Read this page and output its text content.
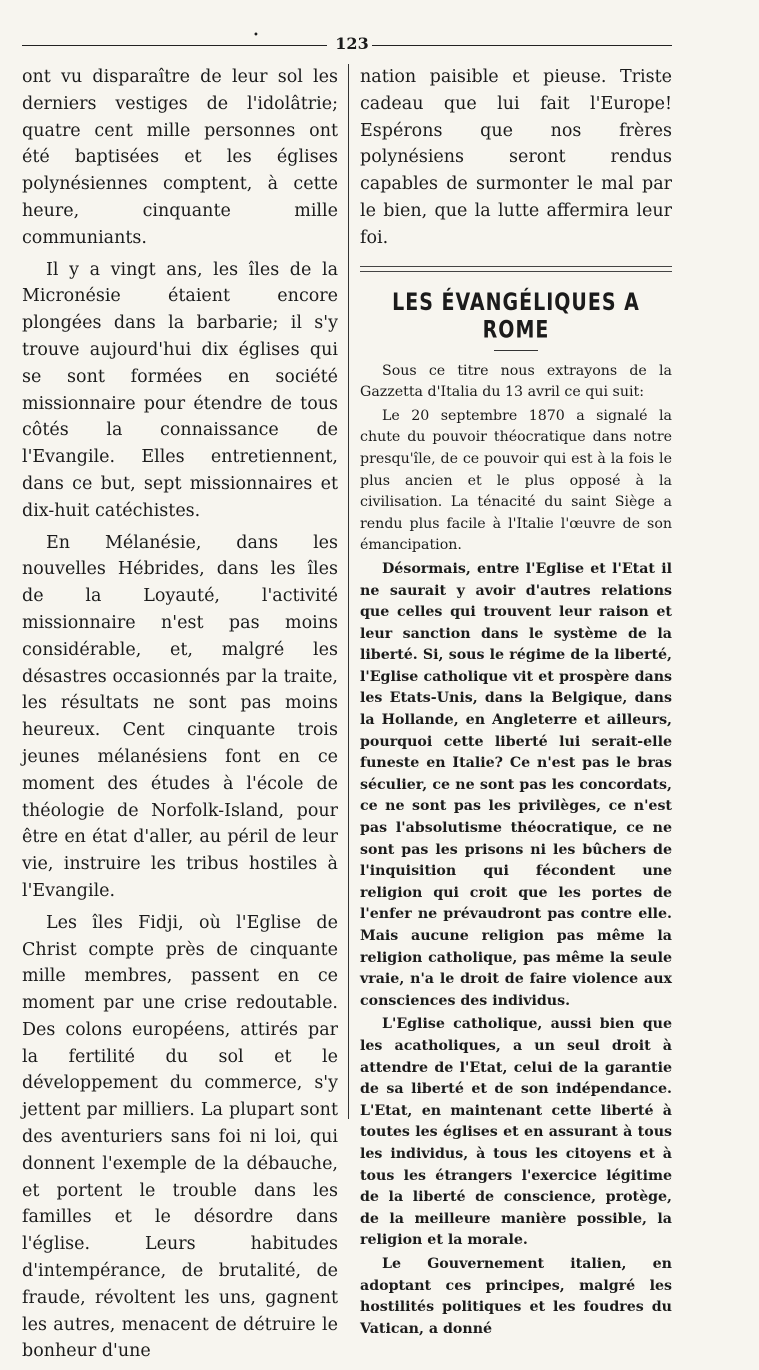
•	123

ont vu disparaître de leur sol les derniers vestiges de l'idolâtrie; quatre cent mille personnes ont été baptisées et les églises polynésiennes comptent, à cette heure, cinquante mille communiants.

Il y a vingt ans, les îles de la Micronésie étaient encore plongées dans la barbarie; il s'y trouve aujourd'hui dix églises qui se sont formées en société missionnaire pour étendre de tous côtés la connaissance de l'Evangile. Elles entretiennent, dans ce but, sept missionnaires et dix-huit catéchistes.

En Mélanésie, dans les nouvelles Hébrides, dans les îles de la Loyauté, l'activité missionnaire n'est pas moins considérable, et, malgré les désastres occasionnés par la traite, les résultats ne sont pas moins heureux. Cent cinquante trois jeunes mélanésiens font en ce moment des études à l'école de théologie de Norfolk-Island, pour être en état d'aller, au péril de leur vie, instruire les tribus hostiles à l'Evangile.

Les îles Fidji, où l'Eglise de Christ compte près de cinquante mille membres, passent en ce moment par une crise redoutable. Des colons européens, attirés par la fertilité du sol et le développement du commerce, s'y jettent par milliers. La plupart sont des aventuriers sans foi ni loi, qui donnent l'exemple de la débauche, et portent le trouble dans les familles et le désordre dans l'église. Leurs habitudes d'intempérance, de brutalité, de fraude, révoltent les uns, gagnent les autres, menacent de détruire le bonheur d'une

nation paisible et pieuse. Triste cadeau que lui fait l'Europe! Espérons que nos frères polynésiens seront rendus capables de surmonter le mal par le bien, que la lutte affermira leur foi.

LES ÉVANGÉLIQUES A ROME

Sous ce titre nous extrayons de la Gazzetta d'Italia du 13 avril ce qui suit:

Le 20 septembre 1870 a signalé la chute du pouvoir théocratique dans notre presqu'île, de ce pouvoir qui est à la fois le plus ancien et le plus opposé à la civilisation. La ténacité du saint Siège a rendu plus facile à l'Italie l'œuvre de son émancipation.

Désormais, entre l'Eglise et l'Etat il ne saurait y avoir d'autres relations que celles qui trouvent leur raison et leur sanction dans le système de la liberté. Si, sous le régime de la liberté, l'Eglise catholique vit et prospère dans les Etats-Unis, dans la Belgique, dans la Hollande, en Angleterre et ailleurs, pourquoi cette liberté lui serait-elle funeste en Italie? Ce n'est pas le bras séculier, ce ne sont pas les concordats, ce ne sont pas les privilèges, ce n'est pas l'absolutisme théocratique, ce ne sont pas les prisons ni les bûchers de l'inquisition qui fécondent une religion qui croit que les portes de l'enfer ne prévaudront pas contre elle. Mais aucune religion pas même la religion catholique, pas même la seule vraie, n'a le droit de faire violence aux consciences des individus.

L'Eglise catholique, aussi bien que les acatholiques, a un seul droit à attendre de l'Etat, celui de la garantie de sa liberté et de son indépendance. L'Etat, en maintenant cette liberté à toutes les églises et en assurant à tous les individus, à tous les citoyens et à tous les étrangers l'exercice légitime de la liberté de conscience, protège, de la meilleure manière possible, la religion et la morale.

Le Gouvernement italien, en adoptant ces principes, malgré les hostilités politiques et les foudres du Vatican, a donné
